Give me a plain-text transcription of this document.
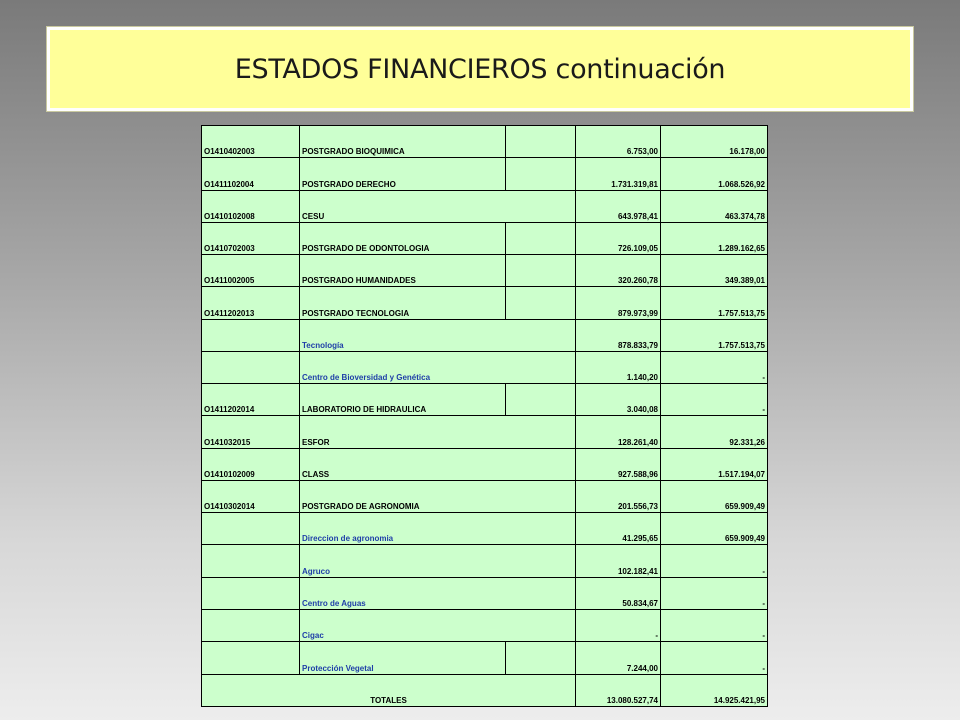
ESTADOS FINANCIEROS continuación
O1410402003	POSTGRADO BIOQUIMICA		6.753,00	16.178,00
O1411102004	POSTGRADO DERECHO		1.731.319,81	1.068.526,92
O1410102008	CESU		643.978,41	463.374,78
O1410702003	POSTGRADO DE ODONTOLOGIA		726.109,05	1.289.162,65
O1411002005	POSTGRADO HUMANIDADES		320.260,78	349.389,01
O1411202013	POSTGRADO TECNOLOGIA		879.973,99	1.757.513,75
	Tecnología		878.833,79	1.757.513,75
	Centro de Bioversidad y Genética		1.140,20	-
O1411202014	LABORATORIO DE HIDRAULICA		3.040,08	-
O141032015	ESFOR		128.261,40	92.331,26
O1410102009	CLASS		927.588,96	1.517.194,07
O1410302014	POSTGRADO DE AGRONOMIA		201.556,73	659.909,49
	Direccion de agronomia		41.295,65	659.909,49
	Agruco		102.182,41	-
	Centro de Aguas		50.834,67	-
	Cigac		-	-
	Protección Vegetal		7.244,00	-
TOTALES			13.080.527,74	14.925.421,95
